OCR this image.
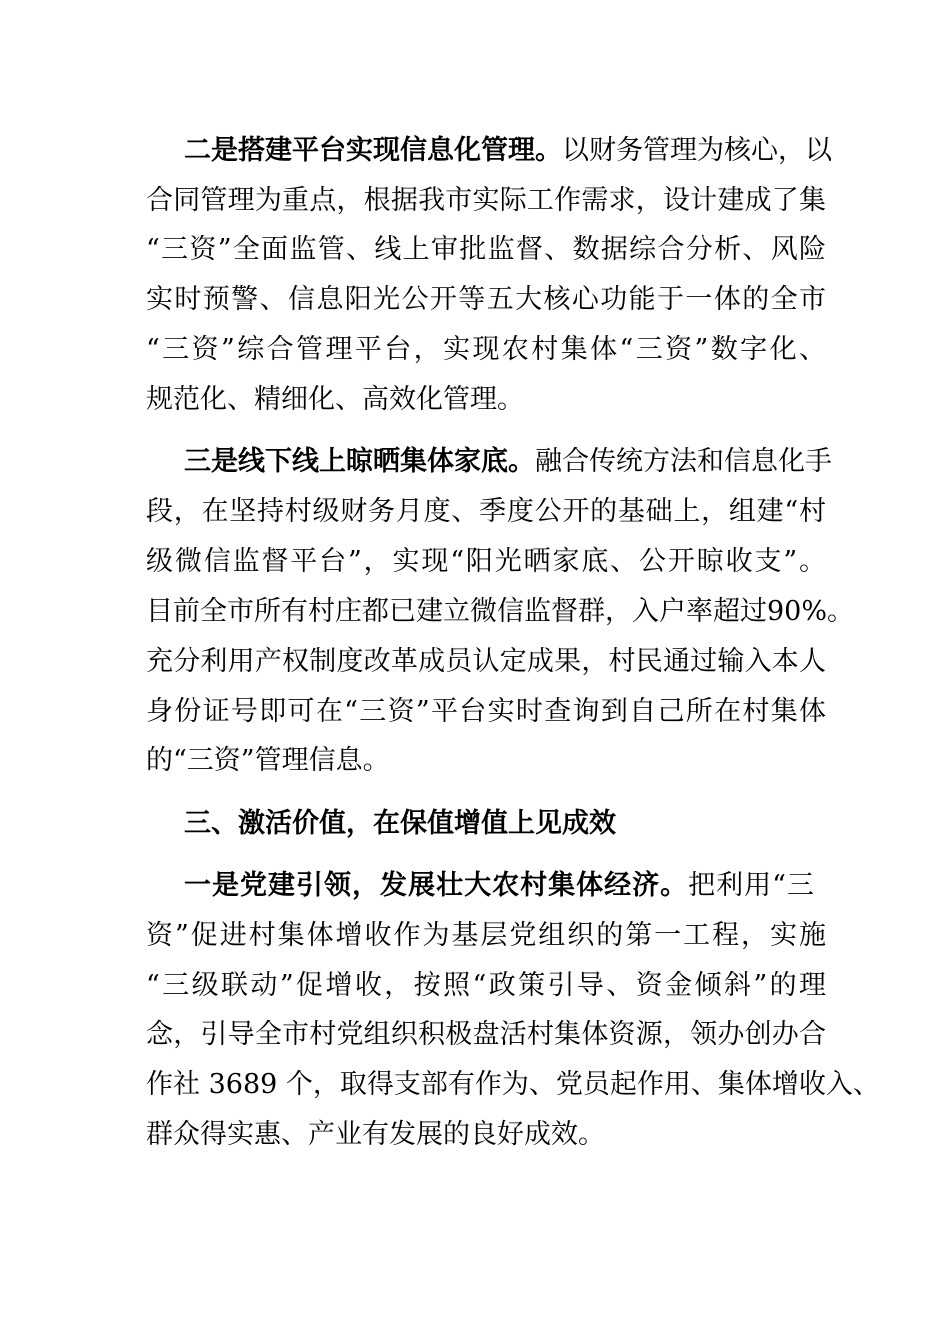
二是搭建平台实现信息化管理。以财务管理为核心，以
合同管理为重点，根据我市实际工作需求，设计建成了集
“三资”全面监管、线上审批监督、数据综合分析、风险
实时预警、信息阳光公开等五大核心功能于一体的全市
“三资”综合管理平台，实现农村集体“三资”数字化、
规范化、精细化、高效化管理。
三是线下线上晾晒集体家底。融合传统方法和信息化手
段，在坚持村级财务月度、季度公开的基础上，组建“村
级微信监督平台”，实现“阳光晒家底、公开晾收支”。
目前全市所有村庄都已建立微信监督群，入户率超过90%。
充分利用产权制度改革成员认定成果，村民通过输入本人
身份证号即可在“三资”平台实时查询到自己所在村集体
的“三资”管理信息。
三、激活价值，在保值增值上见成效
一是党建引领，发展壮大农村集体经济。把利用“三
资”促进村集体增收作为基层党组织的第一工程，实施
“三级联动”促增收，按照“政策引导、资金倾斜”的理
念，引导全市村党组织积极盘活村集体资源，领办创办合
作社 3689 个，取得支部有作为、党员起作用、集体增收入、
群众得实惠、产业有发展的良好成效。
